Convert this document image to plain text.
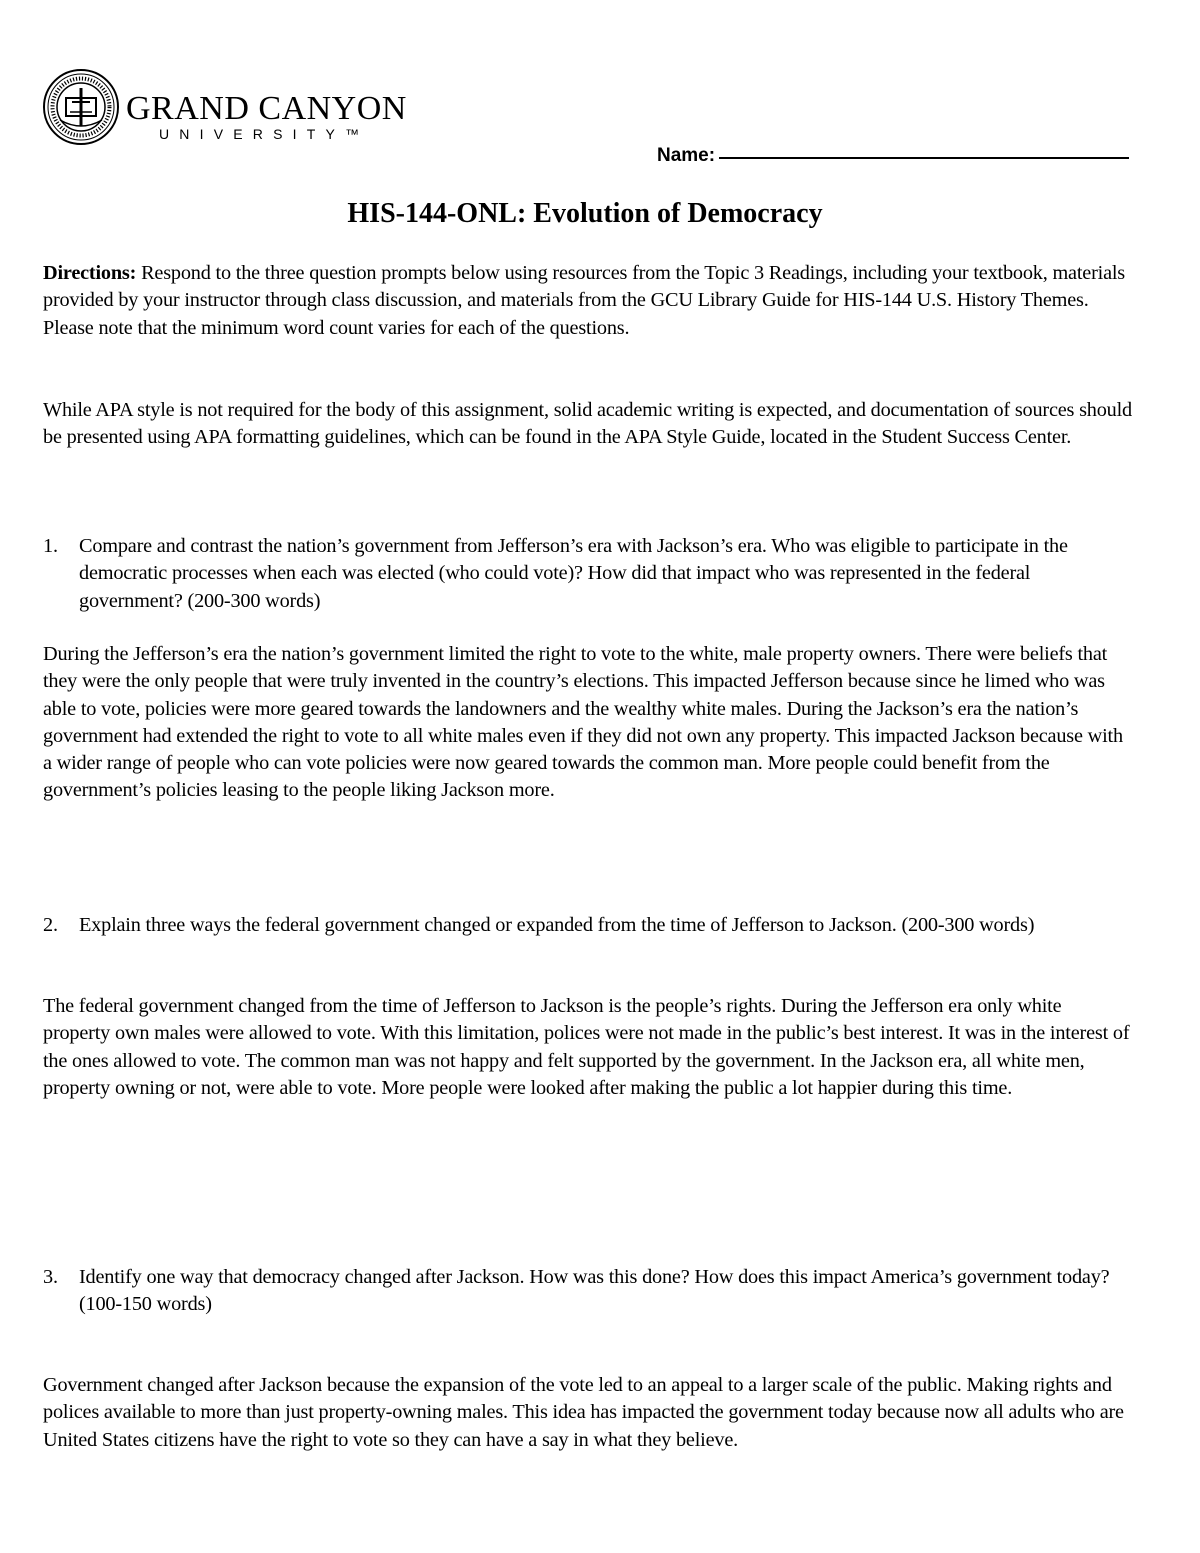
GRAND CANYON
UNIVERSITY™
Name:
HIS-144-ONL: Evolution of Democracy

Directions: Respond to the three question prompts below using resources from the Topic 3 Readings, including your textbook, materials provided by your instructor through class discussion, and materials from the GCU Library Guide for HIS-144 U.S. History Themes. Please note that the minimum word count varies for each of the questions.

While APA style is not required for the body of this assignment, solid academic writing is expected, and documentation of sources should be presented using APA formatting guidelines, which can be found in the APA Style Guide, located in the Student Success Center.

1.	Compare and contrast the nation’s government from Jefferson’s era with Jackson’s era. Who was eligible to participate in the democratic processes when each was elected (who could vote)? How did that impact who was represented in the federal government? (200-300 words)

During the Jefferson’s era the nation’s government limited the right to vote to the white, male property owners. There were beliefs that they were the only people that were truly invented in the country’s elections. This impacted Jefferson because since he limed who was able to vote, policies were more geared towards the landowners and the wealthy white males. During the Jackson’s era the nation’s government had extended the right to vote to all white males even if they did not own any property. This impacted Jackson because with a wider range of people who can vote policies were now geared towards the common man. More people could benefit from the government’s policies leasing to the people liking Jackson more.

2.	Explain three ways the federal government changed or expanded from the time of Jefferson to Jackson. (200-300 words)

The federal government changed from the time of Jefferson to Jackson is the people’s rights. During the Jefferson era only white property own males were allowed to vote. With this limitation, polices were not made in the public’s best interest. It was in the interest of the ones allowed to vote. The common man was not happy and felt supported by the government. In the Jackson era, all white men, property owning or not, were able to vote. More people were looked after making the public a lot happier during this time.

3.	Identify one way that democracy changed after Jackson. How was this done? How does this impact America’s government today? (100-150 words)

Government changed after Jackson because the expansion of the vote led to an appeal to a larger scale of the public. Making rights and polices available to more than just property-owning males. This idea has impacted the government today because now all adults who are United States citizens have the right to vote so they can have a say in what they believe.
